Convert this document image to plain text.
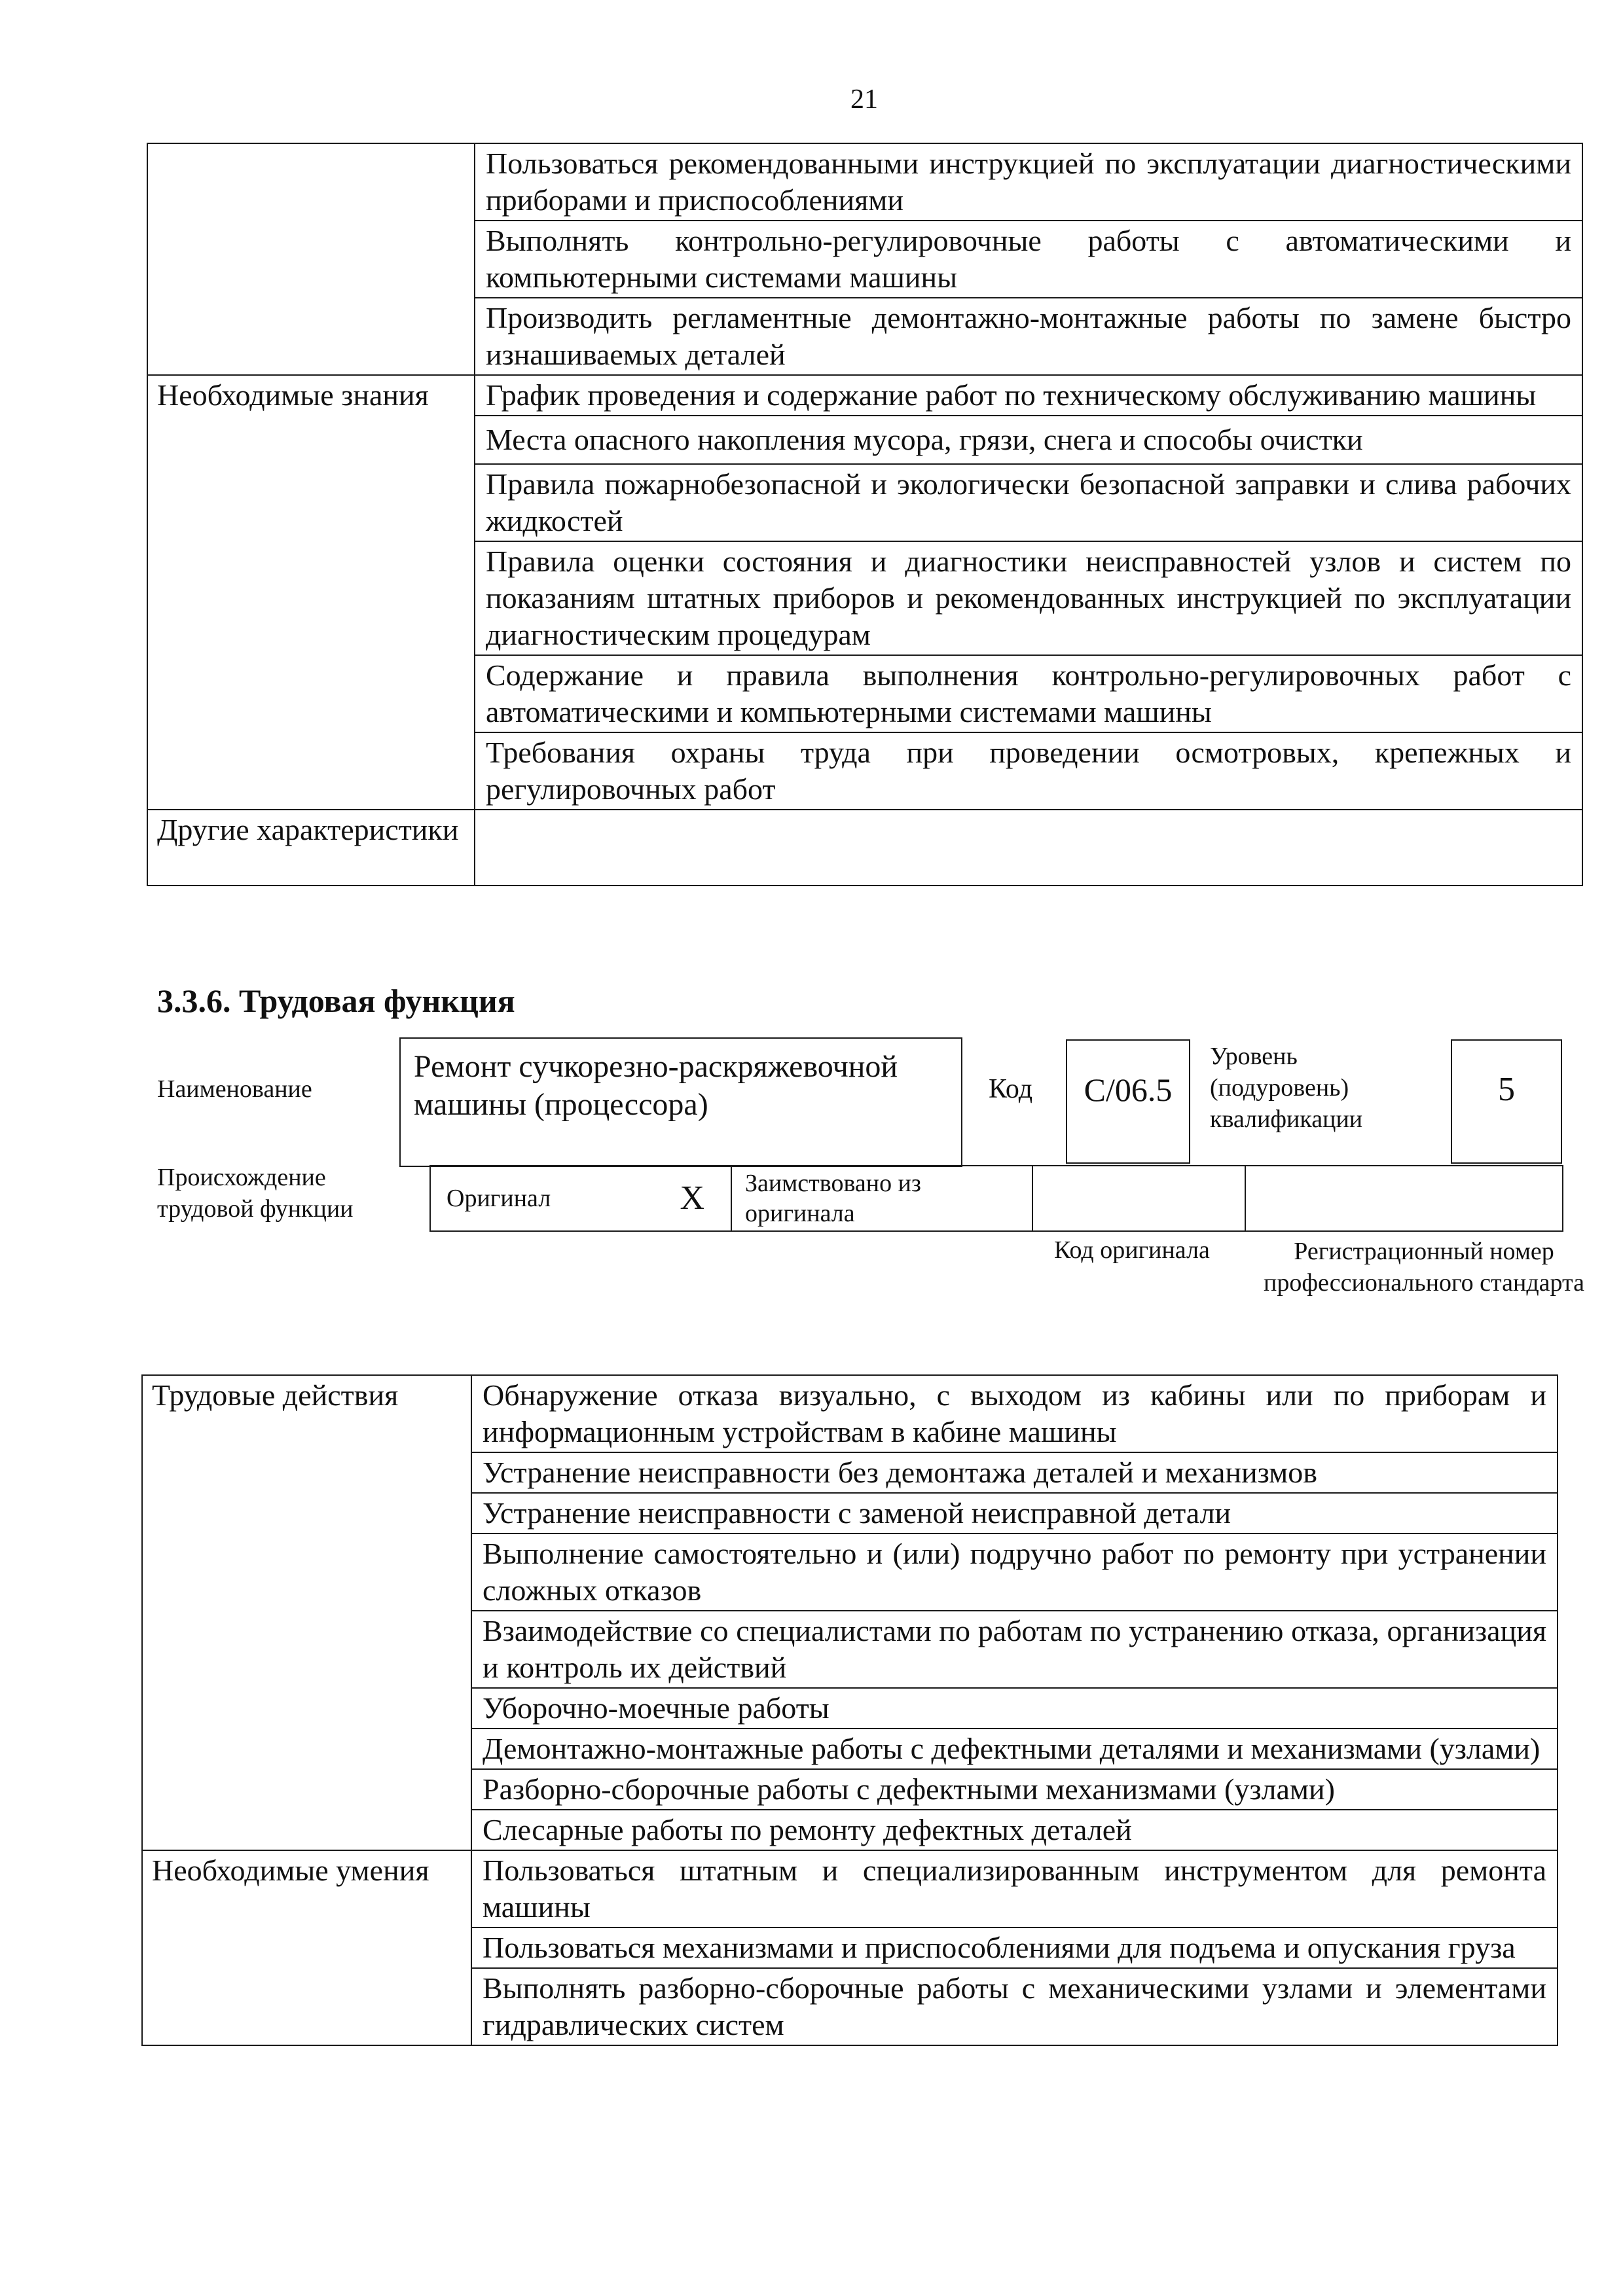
21
	Пользоваться рекомендованными инструкцией по эксплуатации диагностическими приборами и приспособлениями
	Выполнять контрольно-регулировочные работы с автоматическими и компьютерными системами машины
	Производить регламентные демонтажно-монтажные работы по замене быстро изнашиваемых деталей
Необходимые знания	График проведения и содержание работ по техническому обслуживанию машины
	Места опасного накопления мусора, грязи, снега и способы очистки
	Правила пожарнобезопасной и экологически безопасной заправки и слива рабочих жидкостей
	Правила оценки состояния и диагностики неисправностей узлов и систем по показаниям штатных приборов и рекомендованных инструкцией по эксплуатации диагностическим процедурам
	Содержание и правила выполнения контрольно-регулировочных работ с автоматическими и компьютерными системами машины
	Требования охраны труда при проведении осмотровых, крепежных и регулировочных работ
Другие характеристики	
3.3.6. Трудовая функция
Наименование
Ремонт сучкорезно-раскряжевочной машины (процессора)	Код	C/06.5
Уровень (подуровень) квалификации
5
Происхождение трудовой функции	Оригинал	X	Заимствовано из оригинала		
Код оригинала	Регистрационный номер профессионального стандарта
Трудовые действия	Обнаружение отказа визуально, с выходом из кабины или по приборам и информационным устройствам в кабине машины
	Устранение неисправности без демонтажа деталей и механизмов
	Устранение неисправности с заменой неисправной детали
	Выполнение самостоятельно и (или) подручно работ по ремонту при устранении сложных отказов
	Взаимодействие со специалистами по работам по устранению отказа, организация и контроль их действий
	Уборочно-моечные работы
	Демонтажно-монтажные работы с дефектными деталями и механизмами (узлами)
	Разборно-сборочные работы с дефектными механизмами (узлами)
	Слесарные работы по ремонту дефектных деталей
Необходимые умения	Пользоваться штатным и специализированным инструментом для ремонта машины
	Пользоваться механизмами и приспособлениями для подъема и опускания груза
	Выполнять разборно-сборочные работы с механическими узлами и элементами гидравлических систем
